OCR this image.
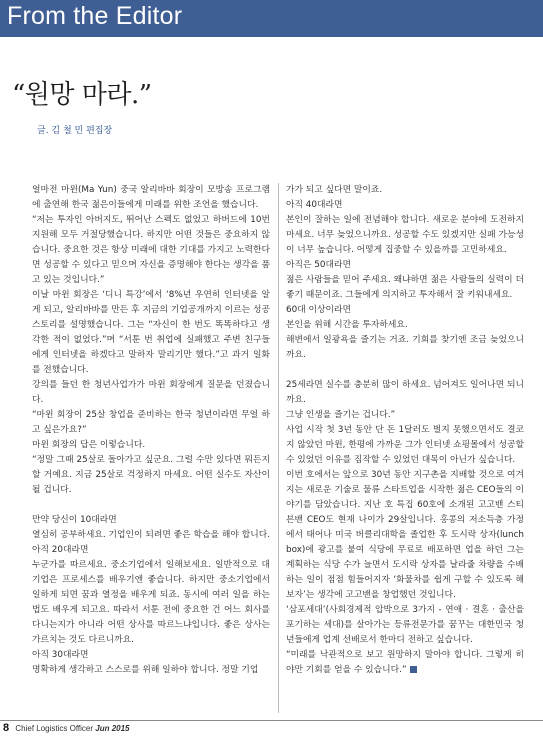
From the Editor
“원망 마라.”
글. 김 철 민 편집장

얼마전 마윈(Ma Yun) 중국 알리바바 회장이 모방송 프로그램에 출연해 한국 젊은이들에게 미래를 위한 조언을 했습니다.

“저는 투자인 아버지도, 뛰어난 스펙도 없었고 하버드에 10번 지원해 모두 거절당했습니다. 하지만 어떤 것들은 중요하지 않습니다. 중요한 것은 항상 미래에 대한 기대를 가지고 노력한다면 성공할 수 있다고 믿으며 자신을 증명해야 한다는 생각을 품고 있는 것입니다.”

이날 마윈 회장은 ‘디니 특강’에서 ‘8%년 우연히 인터넷을 알게 되고, 알리바바를 만든 후 지금의 기업공개까지 이르는 성공스토리를 설명했습니다. 그는 “자신이 한 번도 똑똑하다고 생각한 적이 없었다.”며 “서툰 번 취업에 실패했고 주변 친구들에게 인터넷을 하겠다고 말하자 말리기만 했다.”고 과거 일화를 전했습니다.

강의를 들던 한 청년사업가가 마윈 회장에게 질문을 던졌습니다.

“마윈 회장이 25살 창업을 준비하는 한국 청년이라면 무얼 하고 싶은가요?”

마윈 회장의 답은 이렇습니다.

“정말 그때 25살로 돌아가고 싶군요. 그럴 수만 있다면 뭐든지 할 거예요. 지금 25살로 걱정하지 마세요. 어떤 실수도 자산이 될 겁니다.

만약 당신이 10대라면

열심히 공부하세요. 기업인이 되려면 좋은 학습을 해야 합니다. 아직 20대라면

누군가를 따르세요. 중소기업에서 일해보세요. 일반적으로 대기업은 프로세스를 배우기엔 좋습니다. 하지만 중소기업에서 일하게 되면 꿈과 열정을 배우게 되죠. 동시에 여러 일을 하는 법도 배우게 되고요. 따라서 서툰 전에 중요한 건 어느 회사를 다니는지가 아니라 어떤 상사를 따르느냐입니다. 좋은 상사는 가르치는 것도 다르니까요.

아직 30대라면

명확하게 생각하고 스스로를 위해 일하야 합니다. 정말 기업

가가 되고 싶다면 말이죠.

아직 40대라면

본인이 잘하는 일에 전념해야 합니다. 새로운 분야에 도전하지 마세요. 너무 늦었으니까요. 성공할 수도 있겠지만 실패 가능성이 너무 높습니다. 어떻게 집중할 수 있을까를 고민하세요.

아직은 50대라면

젊은 사람들을 믿어 주세요. 왜냐하면 젊은 사람들의 실력이 더 좋기 때문이죠. 그들에게 의지하고 투자해서 잘 키워내세요.

60대 이상이라면

본인을 위해 시간을 투자하세요.

해변에서 일광욕을 즐기는 거죠. 기회를 찾기엔 조금 늦었으니까요.

25세라면 실수를 충분히 많이 하세요. 넘어져도 일어나면 되니까요.

그냥 인생을 즐기는 겁니다.”

사업 시작 첫 3년 동안 단 돈 1달러도 벌지 못했으면서도 결코 지 않았던 마윈, 한평에 가까운 그가 인터넷 쇼핑몰에서 성공할 수 있었던 이유를 짐작할 수 있었던 대목이 아닌가 싶습니다.

이번 호에서는 앞으로 30년 동안 지구촌을 지배할 것으로 여겨지는 새로운 기술로 물류 스타트업을 시작한 젊은 CEO들의 이야기를 담았습니다. 지난 호 특집 60호에 소개된 고고밴 스티븐밴 CEO도 현재 나이가 29살입니다. 홍콩의 저소득층 가정에서 태어나 미국 버클리대학을 졸업한 후 도시락 상자(lunchbox)에 광고를 붙여 식당에 무료로 배포하면 업을 하던 그는 계획하는 식당 수가 늘면서 도시락 상자를 날라줄 차량을 수배하는 일이 점점 힘들어지자 ‘화물차를 쉽게 구할 수 있도록 해보자’는 생각에 고고밴을 창업했던 것입니다.

‘삼포세대’(사회경제적 압박으로 3가지 - 연애 · 결혼 · 출산을 포기하는 세대)를 살아가는 등류전문가를 꿈꾸는 대한민국 청년들에게 업계 선배로서 한마디 전하고 싶습니다.

“미래를 낙관적으로 보고 원망하지 말아야 합니다. 그렇게 히야만 기회를 얻을 수 있습니다.”

8 Chief Logistics Officer Jun 2015
